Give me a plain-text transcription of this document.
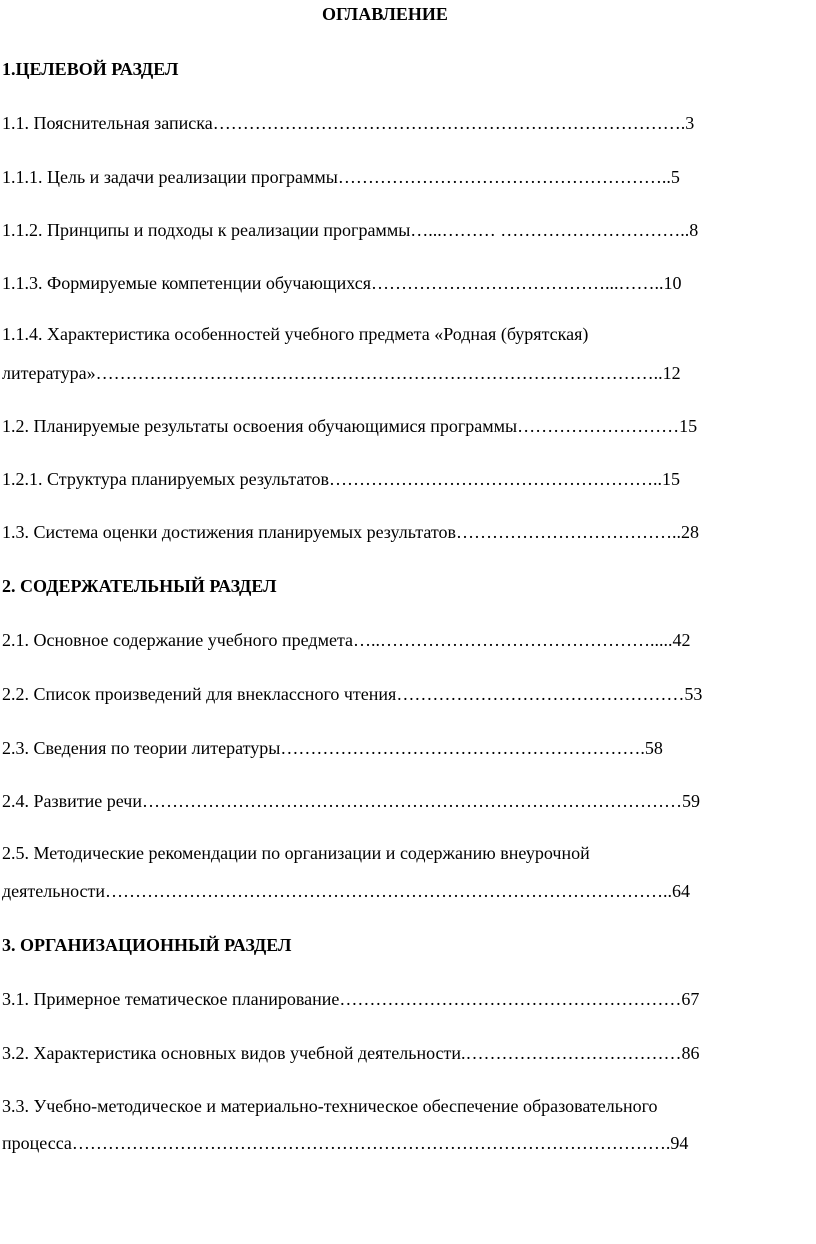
ОГЛАВЛЕНИЕ
1.ЦЕЛЕВОЙ РАЗДЕЛ
1.1. Пояснительная записка…………………………………………………………………….3
1.1.1. Цель и задачи реализации программы………………………………………………..5
1.1.2. Принципы и подходы к реализации программы…...……… …………………………..8
1.1.3. Формируемые компетенции обучающихся…………………………………...……..10
1.1.4. Характеристика особенностей учебного предмета «Родная (бурятская)
литература»…………………………………………………………………………………..12
1.2. Планируемые результаты освоения обучающимися программы………………………15
1.2.1. Структура планируемых результатов………………………………………………..15
1.3. Система оценки достижения планируемых результатов………………………………..28
2. СОДЕРЖАТЕЛЬНЫЙ РАЗДЕЛ
2.1. Основное содержание учебного предмета…..……………………………………….....42
2.2. Список произведений для внеклассного чтения…………………………………………53
2.3. Сведения по теории литературы…………………………………………………….58
2.4. Развитие речи………………………………………………………………………………59
2.5. Методические рекомендации по организации и содержанию внеурочной
деятельности…………………………………………………………………………………..64
3. ОРГАНИЗАЦИОННЫЙ РАЗДЕЛ
3.1. Примерное тематическое планирование…………………………………………………67
3.2. Характеристика основных видов учебной деятельности.………………………………86
3.3. Учебно-методическое и материально-техническое обеспечение образовательного
процесса……………………………………………………………………………………….94
